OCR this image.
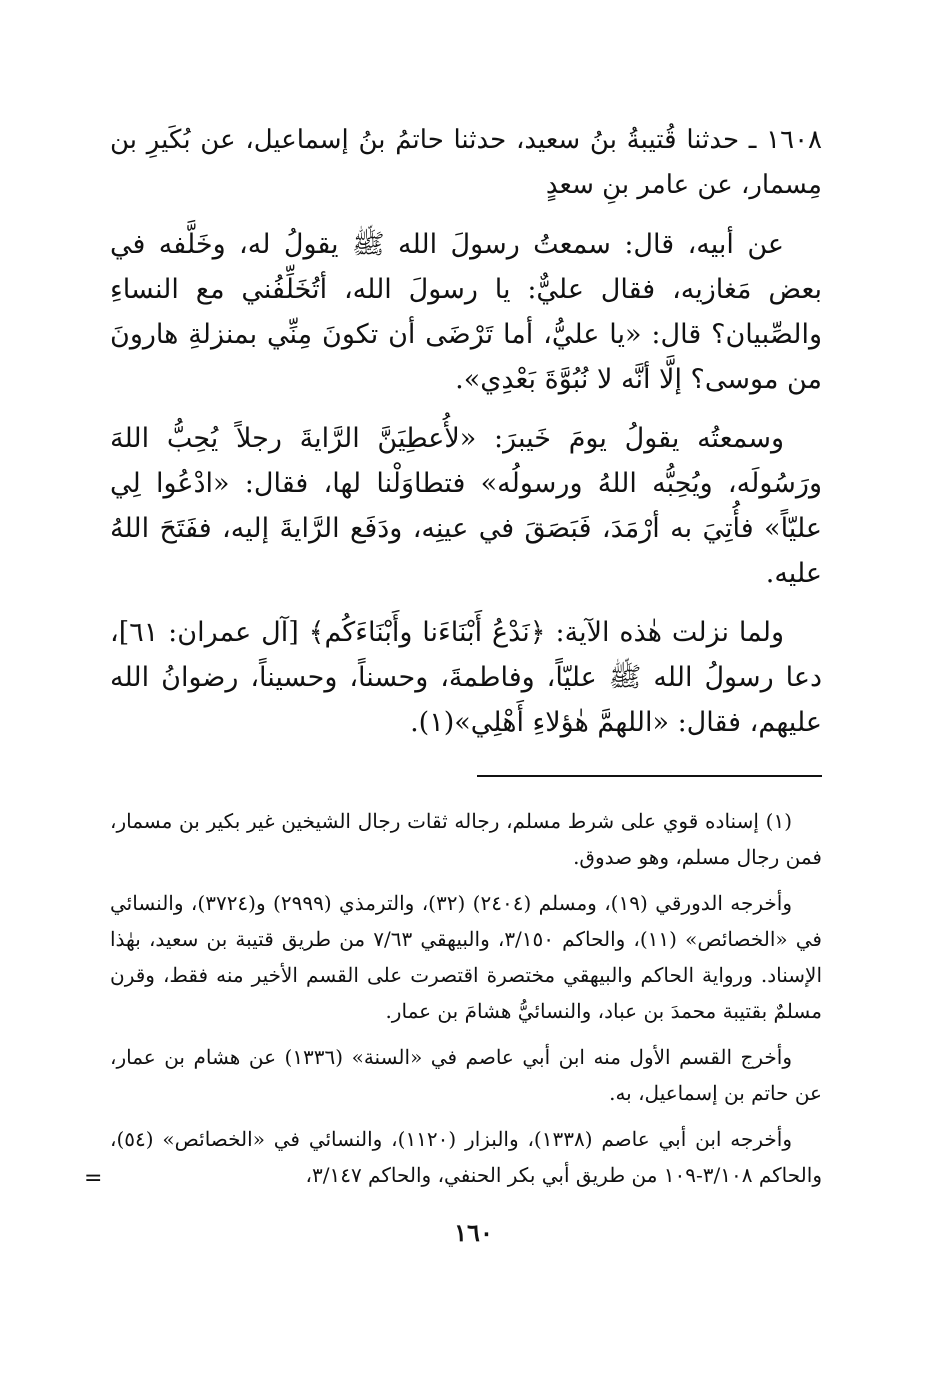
١٦٠٨ ـ حدثنا قُتيبةُ بنُ سعيد، حدثنا حاتمُ بنُ إسماعيل، عن بُكَيرِ بن مِسمار، عن عامر بنِ سعدٍ

عن أبيه، قال: سمعتُ رسولَ الله ﷺ يقولُ له، وخَلَّفه في بعض مَغازيه، فقال عليٌّ: يا رسولَ الله، أتُخَلِّفُني مع النساءِ والصِّبيان؟ قال: «يا عليُّ، أما تَرْضَى أن تكونَ مِنِّي بمنزلةِ هارونَ من موسى؟ إلَّا أنَّه لا نُبُوَّةَ بَعْدِي».

وسمعتُه يقولُ يومَ خَيبرَ: «لأُعطِيَنَّ الرَّايةَ رجلاً يُحِبُّ اللهَ ورَسُولَه، ويُحِبُّه اللهُ ورسولُه» فتطاوَلْنا لها، فقال: «ادْعُوا لِي عليّاً» فأُتِيَ به أرْمَدَ، فَبَصَقَ في عينِه، ودَفَع الرَّايةَ إليه، ففَتَحَ اللهُ عليه.

ولما نزلت هٰذه الآية: ﴿نَدْعُ أَبْنَاءَنا وأَبْنَاءَكُم﴾ [آل عمران: ٦١]، دعا رسولُ الله ﷺ عليّاً، وفاطمةَ، وحسناً، وحسيناً، رضوانُ الله عليهم، فقال: «اللهمَّ هٰؤلاءِ أَهْلِي»(١).

(١) إسناده قوي على شرط مسلم، رجاله ثقات رجال الشيخين غير بكير بن مسمار، فمن رجال مسلم، وهو صدوق.

وأخرجه الدورقي (١٩)، ومسلم (٢٤٠٤) (٣٢)، والترمذي (٢٩٩٩) و(٣٧٢٤)، والنسائي في «الخصائص» (١١)، والحاكم ٣/١٥٠، والبيهقي ٧/٦٣ من طريق قتيبة بن سعيد، بهٰذا الإسناد. ورواية الحاكم والبيهقي مختصرة اقتصرت على القسم الأخير منه فقط، وقرن مسلمٌ بقتيبة محمدَ بن عباد، والنسائيُّ هشامَ بن عمار.

وأخرج القسم الأول منه ابن أبي عاصم في «السنة» (١٣٣٦) عن هشام بن عمار، عن حاتم بن إسماعيل، به.

وأخرجه ابن أبي عاصم (١٣٣٨)، والبزار (١١٢٠)، والنسائي في «الخصائص» (٥٤)، والحاكم ٣/١٠٨-١٠٩ من طريق أبي بكر الحنفي، والحاكم ٣/١٤٧،

=
١٦٠
